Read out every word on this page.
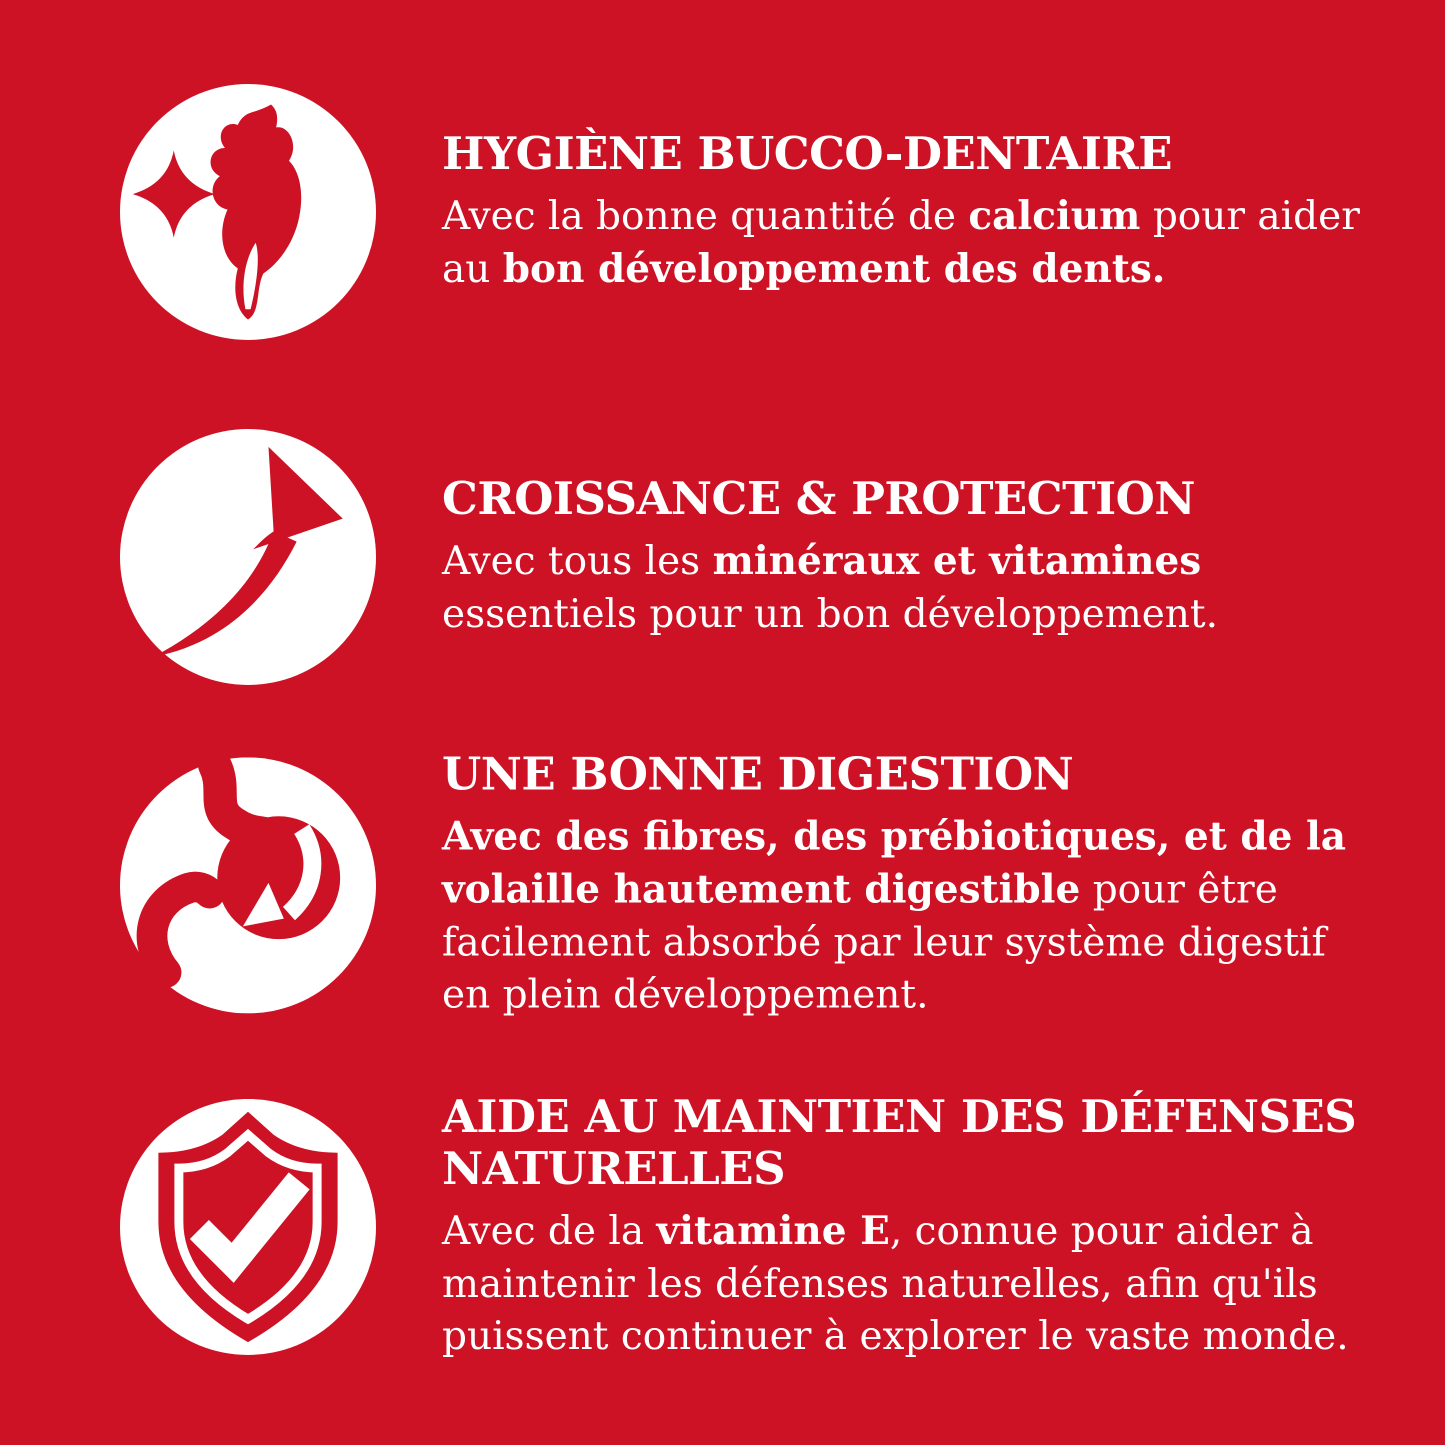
HYGIÈNE BUCCO-DENTAIRE

Avec la bonne quantité de calcium pour aider au bon développement des dents.

CROISSANCE & PROTECTION

Avec tous les minéraux et vitamines essentiels pour un bon développement.

UNE BONNE DIGESTION

Avec des fibres, des prébiotiques, et de la volaille hautement digestible pour être facilement absorbé par leur système digestif en plein développement.

AIDE AU MAINTIEN DES DÉFENSES NATURELLES

Avec de la vitamine E, connue pour aider à maintenir les défenses naturelles, afin qu'ils puissent continuer à explorer le vaste monde.
